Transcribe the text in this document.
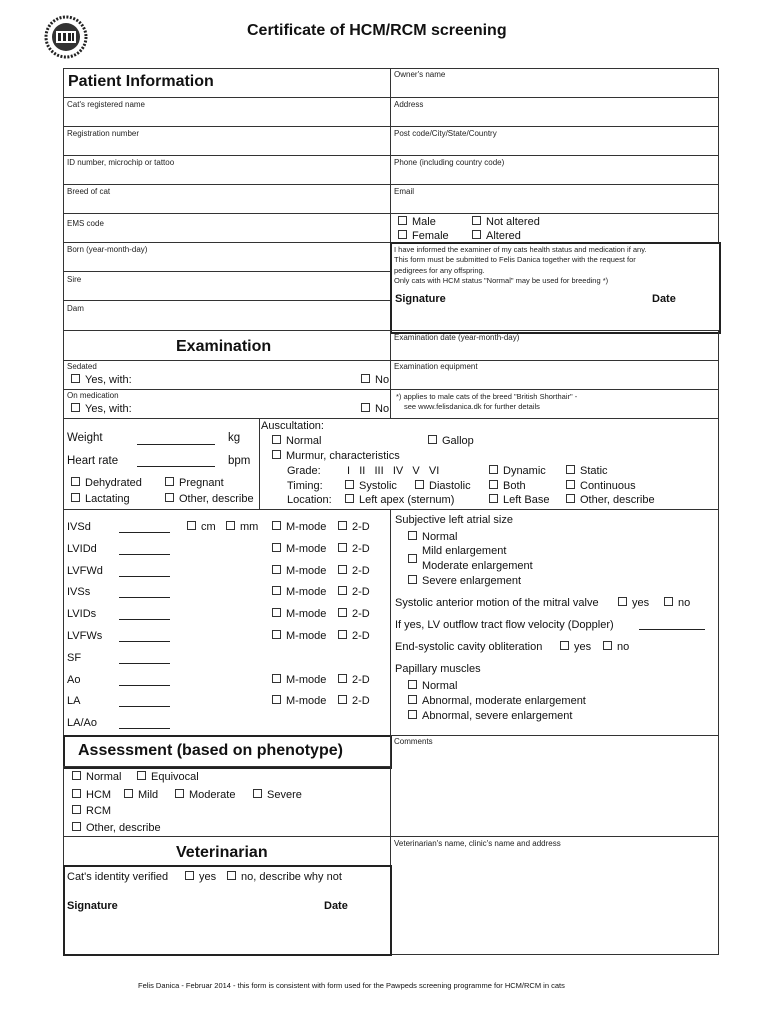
Certificate of HCM/RCM screening
Patient Information
Cat's registered name
Registration number
ID number, microchip or tattoo
Breed of cat
EMS code
Born (year-month-day)
Sire
Dam
Owner's name
Address
Post code/City/State/Country
Phone (including country code)
Email
Male	Not altered
Female	Altered
I have informed the examiner of my cats health status and medication if any.
This form must be submitted to Felis Danica together with the request for
pedigrees for any offspring.
Only cats with HCM status "Normal" may be used for breeding *)
Signature	Date
Examination
Examination date (year-month-day)
Sedated
Yes, with:	No
Examination equipment
On medication
Yes, with:	No
*) applies to male cats of the breed "British Shorthair" -
see www.felisdanica.dk for further details
Weight	kg
Heart rate	bpm
Dehydrated	Pregnant
Lactating	Other, describe
Auscultation:
Normal	Gallop
Murmur, characteristics
Grade: I   II   III   IV   V   VI	Dynamic	Static
Timing:	Systolic	Diastolic	Both	Continuous
Location:	Left apex (sternum)	Left Base	Other, describe
IVSd	cm	mm	M-mode	2-D
LVIDd	M-mode	2-D
LVFWd	M-mode	2-D
IVSs	M-mode	2-D
LVIDs	M-mode	2-D
LVFWs	M-mode	2-D
SF
Ao	M-mode	2-D
LA	M-mode	2-D
LA/Ao
Subjective left atrial size
Normal
Mild enlargement
Moderate enlargement
Severe enlargement
Systolic anterior motion of the mitral valve	yes	no
If yes, LV outflow tract flow velocity (Doppler)
End-systolic cavity obliteration	yes	no
Papillary muscles
Normal
Abnormal, moderate enlargement
Abnormal, severe enlargement
Assessment (based on phenotype)
Normal	Equivocal
HCM	Mild	Moderate	Severe
RCM
Other, describe
Comments
Veterinarian
Veterinarian's name, clinic's name and address
Cat's identity verified	yes	no, describe why not
Signature	Date
Felis Danica - Februar 2014 - this form is consistent with form used for the Pawpeds screening programme for HCM/RCM in cats
